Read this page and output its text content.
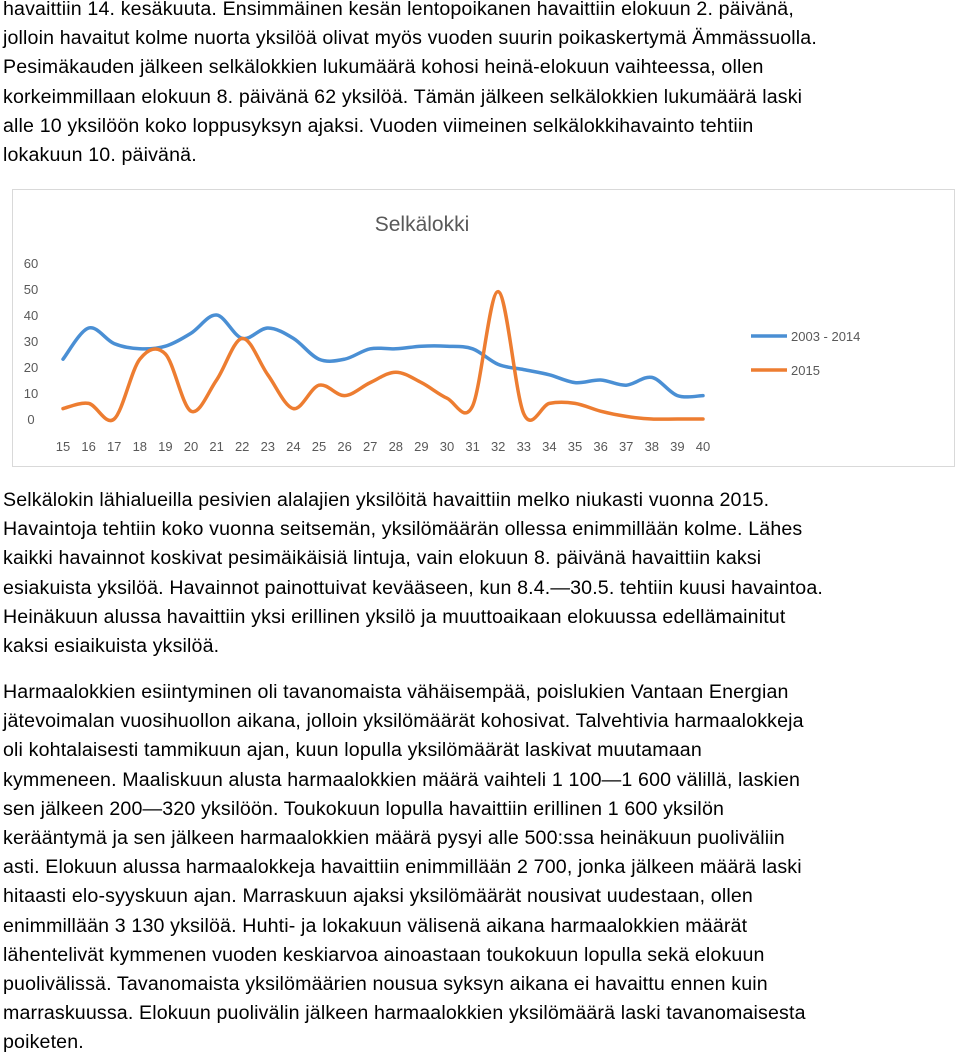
havaittiin 14. kesäkuuta. Ensimmäinen kesän lentopoikanen havaittiin elokuun 2. päivänä,
jolloin havaitut kolme nuorta yksilöä olivat myös vuoden suurin poikaskertymä Ämmässuolla.
Pesimäkauden jälkeen selkälokkien lukumäärä kohosi heinä-elokuun vaihteessa, ollen
korkeimmillaan elokuun 8. päivänä 62 yksilöä. Tämän jälkeen selkälokkien lukumäärä laski
alle 10 yksilöön koko loppusyksyn ajaksi. Vuoden viimeinen selkälokkihavainto tehtiin
lokakuun 10. päivänä.
Selkälokki
0
10
20
30
40
50
60
15 16 17 18 19 20 21 22 23 24 25 26 27 28 29 30 31 32 33 34 35 36 37 38 39 40
2003 - 2014
2015
Selkälokin lähialueilla pesivien alalajien yksilöitä havaittiin melko niukasti vuonna 2015.
Havaintoja tehtiin koko vuonna seitsemän, yksilömäärän ollessa enimmillään kolme. Lähes
kaikki havainnot koskivat pesimäikäisiä lintuja, vain elokuun 8. päivänä havaittiin kaksi
esiakuista yksilöä. Havainnot painottuivat kevääseen, kun 8.4.—30.5. tehtiin kuusi havaintoa.
Heinäkuun alussa havaittiin yksi erillinen yksilö ja muuttoaikaan elokuussa edellämainitut
kaksi esiaikuista yksilöä.
Harmaalokkien esiintyminen oli tavanomaista vähäisempää, poislukien Vantaan Energian
jätevoimalan vuosihuollon aikana, jolloin yksilömäärät kohosivat. Talvehtivia harmaalokkeja
oli kohtalaisesti tammikuun ajan, kuun lopulla yksilömäärät laskivat muutamaan
kymmeneen. Maaliskuun alusta harmaalokkien määrä vaihteli 1 100—1 600 välillä, laskien
sen jälkeen 200—320 yksilöön. Toukokuun lopulla havaittiin erillinen 1 600 yksilön
kerääntymä ja sen jälkeen harmaalokkien määrä pysyi alle 500:ssa heinäkuun puoliväliin
asti. Elokuun alussa harmaalokkeja havaittiin enimmillään 2 700, jonka jälkeen määrä laski
hitaasti elo-syyskuun ajan. Marraskuun ajaksi yksilömäärät nousivat uudestaan, ollen
enimmillään 3 130 yksilöä. Huhti- ja lokakuun välisenä aikana harmaalokkien määrät
lähentelivät kymmenen vuoden keskiarvoa ainoastaan toukokuun lopulla sekä elokuun
puolivälissä. Tavanomaista yksilömäärien nousua syksyn aikana ei havaittu ennen kuin
marraskuussa. Elokuun puolivälin jälkeen harmaalokkien yksilömäärä laski tavanomaisesta
poiketen.
